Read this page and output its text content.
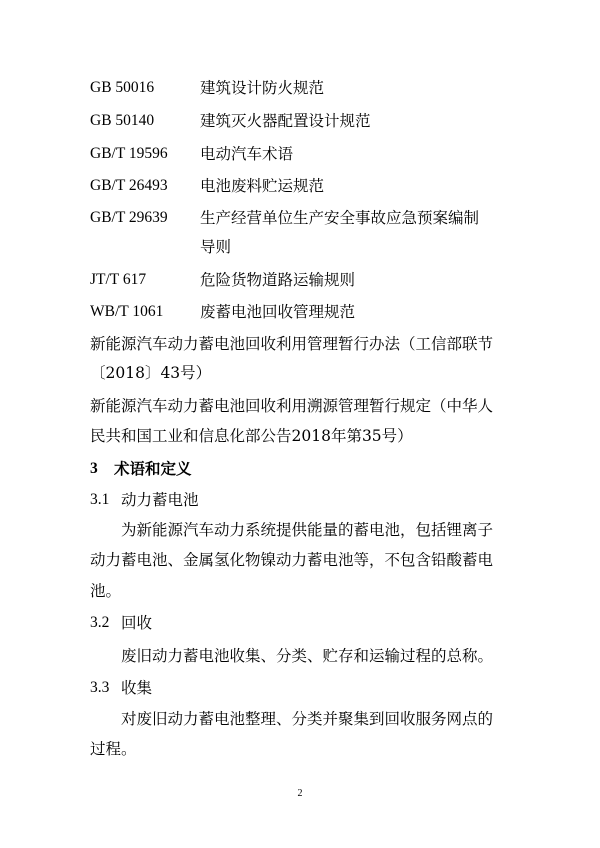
GB 50016	建筑设计防火规范
GB 50140	建筑灭火器配置设计规范
GB/T 19596 电动汽车术语
GB/T 26493 电池废料贮运规范
GB/T 29639 生产经营单位生产安全事故应急预案编制
导则
JT/T 617	危险货物道路运输规则
WB/T 1061 废蓄电池回收管理规范
新能源汽车动力蓄电池回收利用管理暂行办法（工信部联节
〔2018〕43号）
新能源汽车动力蓄电池回收利用溯源管理暂行规定（中华人
民共和国工业和信息化部公告2018年第35号）
3 术语和定义
3.1 动力蓄电池
为新能源汽车动力系统提供能量的蓄电池，包括锂离子
动力蓄电池、金属氢化物镍动力蓄电池等，不包含铅酸蓄电
池。
3.2 回收
废旧动力蓄电池收集、分类、贮存和运输过程的总称。
3.3 收集
对废旧动力蓄电池整理、分类并聚集到回收服务网点的
过程。
2
